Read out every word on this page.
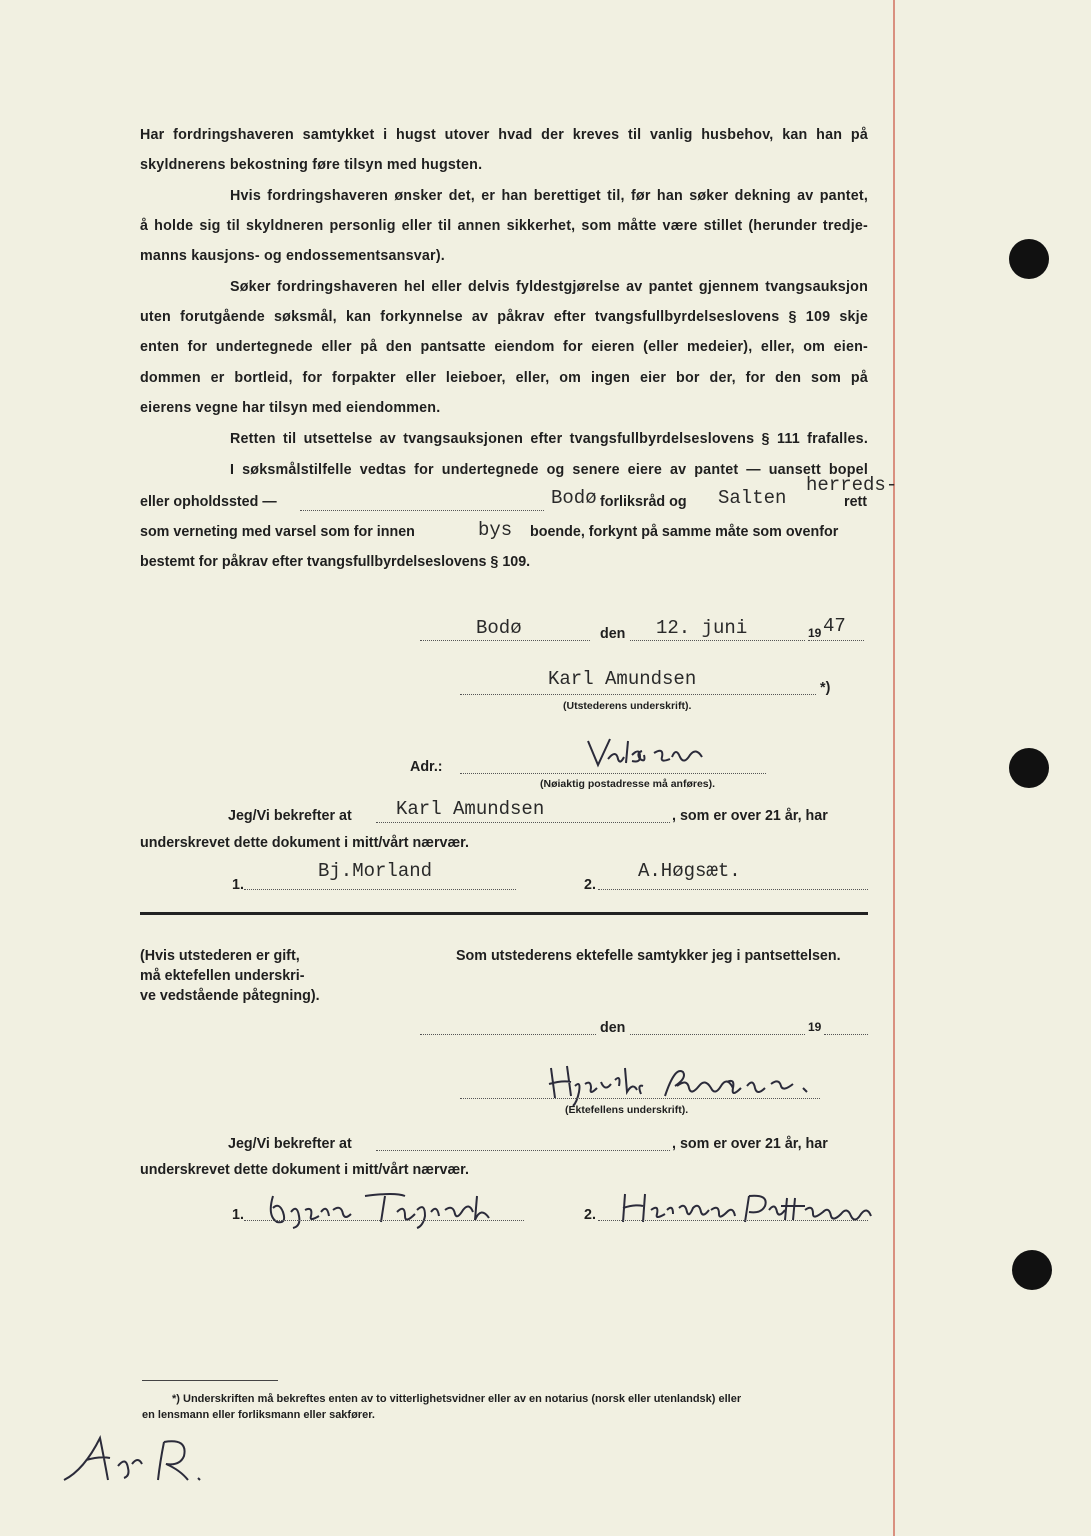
Har fordringshaveren samtykket i hugst utover hvad der kreves til vanlig husbehov, kan han på
skyldnerens bekostning føre tilsyn med hugsten.
Hvis fordringshaveren ønsker det, er han berettiget til, før han søker dekning av pantet,
å holde sig til skyldneren personlig eller til annen sikkerhet, som måtte være stillet (herunder tredje-
manns kausjons- og endossementsansvar).
Søker fordringshaveren hel eller delvis fyldestgjørelse av pantet gjennem tvangsauksjon
uten forutgående søksmål, kan forkynnelse av påkrav efter tvangsfullbyrdelseslovens § 109 skje
enten for undertegnede eller på den pantsatte eiendom for eieren (eller medeier), eller, om eien-
dommen er bortleid, for forpakter eller leieboer, eller, om ingen eier bor der, for den som på
eierens vegne har tilsyn med eiendommen.
Retten til utsettelse av tvangsauksjonen efter tvangsfullbyrdelseslovens § 111 frafalles.
I søksmålstilfelle vedtas for undertegnede og senere eiere av pantet — uansett bopel
eller opholdssted —	Bodø forliksråd og Salten
herreds-
rett
som verneting med varsel som for innen	bys boende, forkynt på samme måte som ovenfor
bestemt for påkrav efter tvangsfullbyrdelseslovens § 109.
Bodø	den 12. juni	19 47
Karl Amundsen	*)
(Utstederens underskrift).
Adr.:
Valøsen
(Nøiaktig postadresse må anføres).
Jeg/Vi bekrefter at Karl Amundsen	, som er over 21 år, har
underskrevet dette dokument i mitt/vårt nærvær.
1.
Bj.Morland
2.
A.Høgsæt.
(Hvis utstederen er gift,
må ektefellen underskri-
ve vedstående påtegning).
Som utstederens ektefelle samtykker jeg i pantsettelsen.
den	19
Hjørdis Amundsen
(Ektefellens underskrift).
Jeg/Vi bekrefter at	, som er over 21 år, har
underskrevet dette dokument i mitt/vårt nærvær.
1.
Bjarne Fagerlund
2.
Herman Pettersen
*) Underskriften må bekreftes enten av to vitterlighetsvidner eller av en notarius (norsk eller utenlandsk) eller
en lensmann eller forliksmann eller sakfører.
Ar. R
